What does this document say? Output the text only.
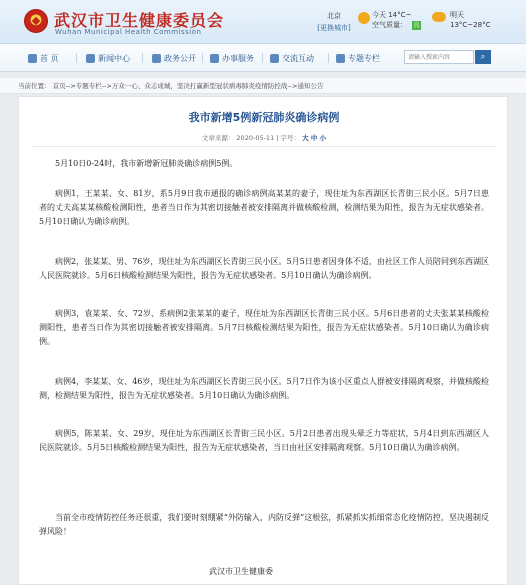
武汉市卫生健康委员会
Wuhan Municipal Health Commission
北京
[更换城市]
今天 14°C~
空气质量：	良
明天
13°C~28°C
首 页	新闻中心	政务公开	办事服务	交流互动	专题专栏
请输入搜索内容	⌕
当前位置： 首页-->专题专栏-->万众一心、众志成城，坚决打赢新型冠状病毒肺炎疫情防控战-->通知公告
我市新增5例新冠肺炎确诊病例
文章来源： 2020-05-11 | 字号： 大 中 小
5月10日0-24时，我市新增新冠肺炎确诊病例5例。
病例1，王某某、女、81岁，系5月9日我市通报的确诊病例高某某的妻子，现住址为东西湖区长青街三民小区。5月7日患者的丈夫高某某核酸检测阳性，患者当日作为其密切接触者被安排隔离并做核酸检测，检测结果为阳性，报告为无症状感染者。5月10日确认为确诊病例。
病例2，张某某、男、76岁，现住址为东西湖区长青街三民小区。5月5日患者因身体不适，由社区工作人员陪同到东西湖区人民医院就诊。5月6日核酸检测结果为阳性，报告为无症状感染者。5月10日确认为确诊病例。
病例3，袁某某、女、72岁、系病例2张某某的妻子，现住址为东西湖区长青街三民小区。5月6日患者的丈夫张某某核酸检测阳性，患者当日作为其密切接触者被安排隔离。5月7日核酸检测结果为阳性，报告为无症状感染者。5月10日确认为确诊病例。
病例4，李某某、女、46岁，现住址为东西湖区长青街三民小区。5月7日作为该小区重点人群被安排隔离观察，并做核酸检测，检测结果为阳性，报告为无症状感染者。5月10日确认为确诊病例。
病例5，陈某某、女、29岁，现住址为东西湖区长青街三民小区。5月2日患者出现头晕乏力等症状，5月4日到东西湖区人民医院就诊。5月5日核酸检测结果为阳性，报告为无症状感染者，当日由社区安排隔离观察。5月10日确认为确诊病例。
当前全市疫情防控任务还很重，我们要时刻绷紧“外防输入，内防反弹”这根弦，抓紧抓实抓细常态化疫情防控，坚决遏制反弹风险！
武汉市卫生健康委
